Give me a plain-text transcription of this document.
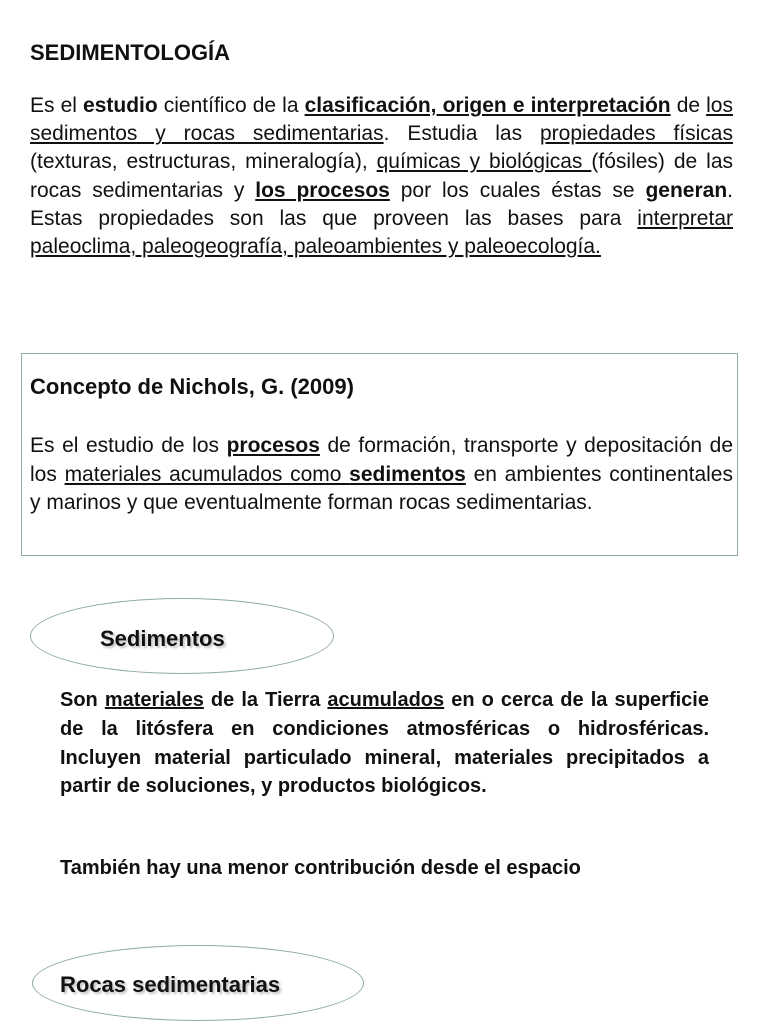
SEDIMENTOLOGÍA

Es el estudio científico de la clasificación, origen e interpretación de los sedimentos y rocas sedimentarias. Estudia las propiedades físicas (texturas, estructuras, mineralogía), químicas y biológicas (fósiles) de las rocas sedimentarias y los procesos por los cuales éstas se generan. Estas propiedades son las que proveen las bases para interpretar paleoclima, paleogeografía, paleoambientes y paleoecología.

Concepto de Nichols, G. (2009)

Es el estudio de los procesos de formación, transporte y depositación de los materiales acumulados como sedimentos en ambientes continentales y marinos y que eventualmente forman rocas sedimentarias.

Sedimentos

Son materiales de la Tierra acumulados en o cerca de la superficie de la litósfera en condiciones atmosféricas o hidrosféricas. Incluyen material particulado mineral, materiales precipitados a partir de soluciones, y productos biológicos.

También hay una menor contribución desde el espacio

Rocas sedimentarias
